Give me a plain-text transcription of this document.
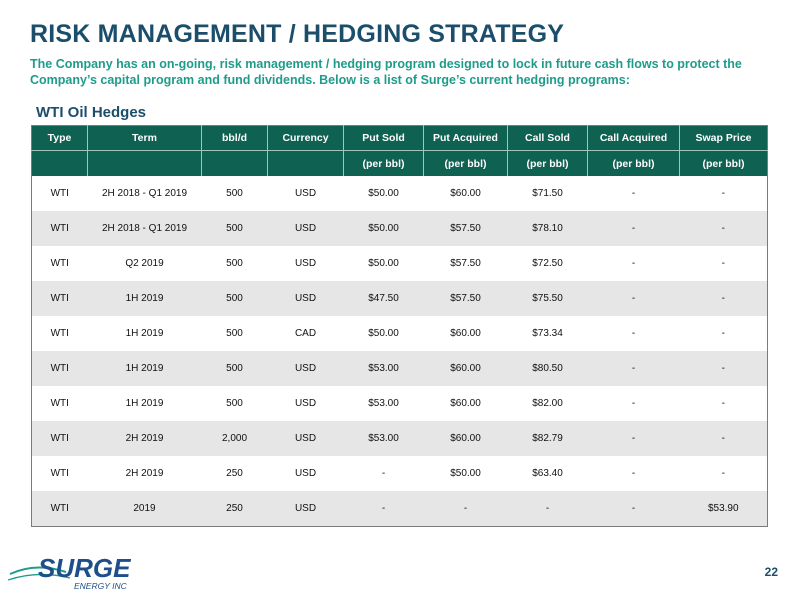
RISK MANAGEMENT / HEDGING STRATEGY
The Company has an on-going, risk management / hedging program designed to lock in future cash flows to protect the Company’s capital program and fund dividends. Below is a list of Surge’s current hedging programs:
WTI Oil Hedges
Type	Term	bbl/d	Currency	Put Sold	Put Acquired	Call Sold	Call Acquired	Swap Price
				(per bbl)	(per bbl)	(per bbl)	(per bbl)	(per bbl)
WTI	2H 2018 - Q1 2019	500	USD	$50.00	$60.00	$71.50	-	-
WTI	2H 2018 - Q1 2019	500	USD	$50.00	$57.50	$78.10	-	-
WTI	Q2 2019	500	USD	$50.00	$57.50	$72.50	-	-
WTI	1H 2019	500	USD	$47.50	$57.50	$75.50	-	-
WTI	1H 2019	500	CAD	$50.00	$60.00	$73.34	-	-
WTI	1H 2019	500	USD	$53.00	$60.00	$80.50	-	-
WTI	1H 2019	500	USD	$53.00	$60.00	$82.00	-	-
WTI	2H 2019	2,000	USD	$53.00	$60.00	$82.79	-	-
WTI	2H 2019	250	USD	-	$50.00	$63.40	-	-
WTI	2019	250	USD	-	-	-	-	$53.90
SURGE
ENERGY INC
22
